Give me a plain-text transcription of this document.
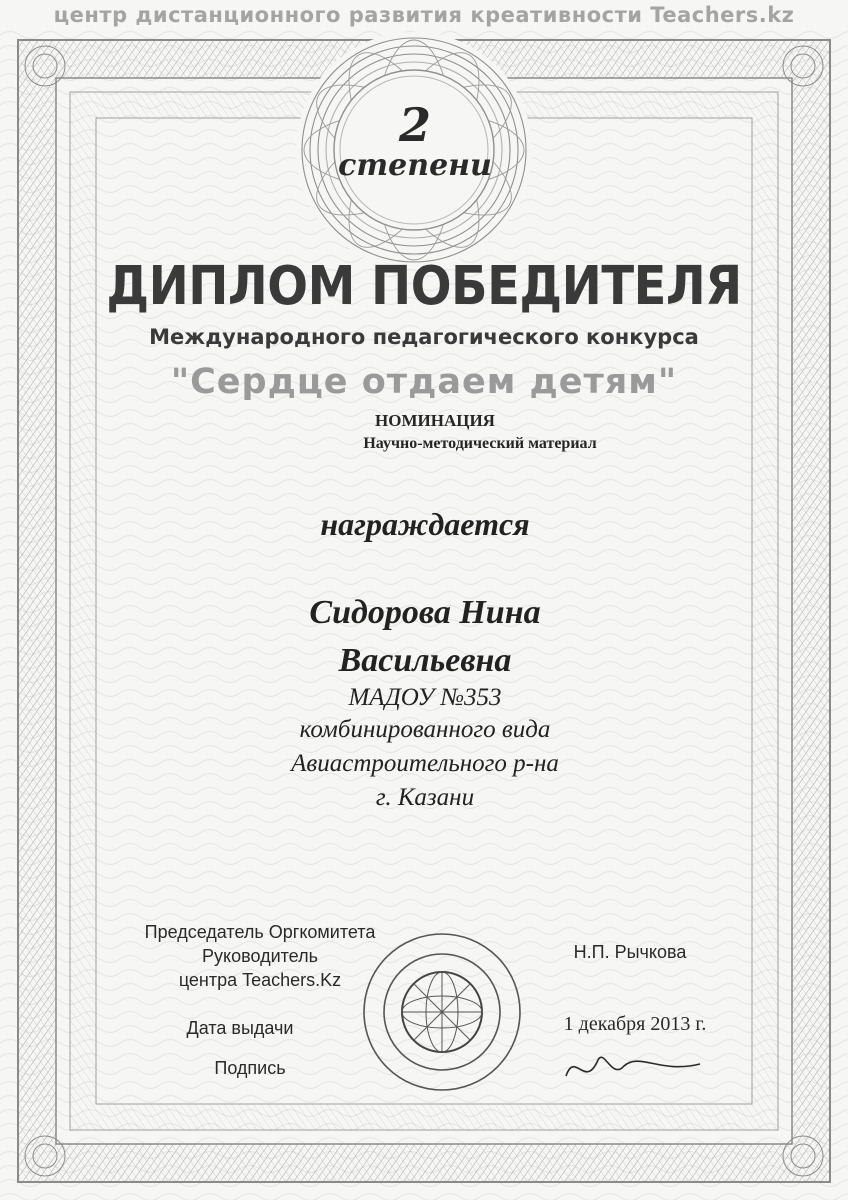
центр дистанционного развития креативности Teachers.kz
2
степени
ДИПЛОМ ПОБЕДИТЕЛЯ
Международного педагогического конкурса
"Сердце отдаем детям"
НОМИНАЦИЯ
Научно-методический материал
награждается
Сидорова Нина
Васильевна
МАДОУ №353
комбинированного вида
Авиастроительного р-на
г. Казани
Председатель Оргкомитета
Руководитель
центра Teachers.Kz
Н.П. Рычкова
Дата выдачи	1 декабря 2013 г.
Подпись
